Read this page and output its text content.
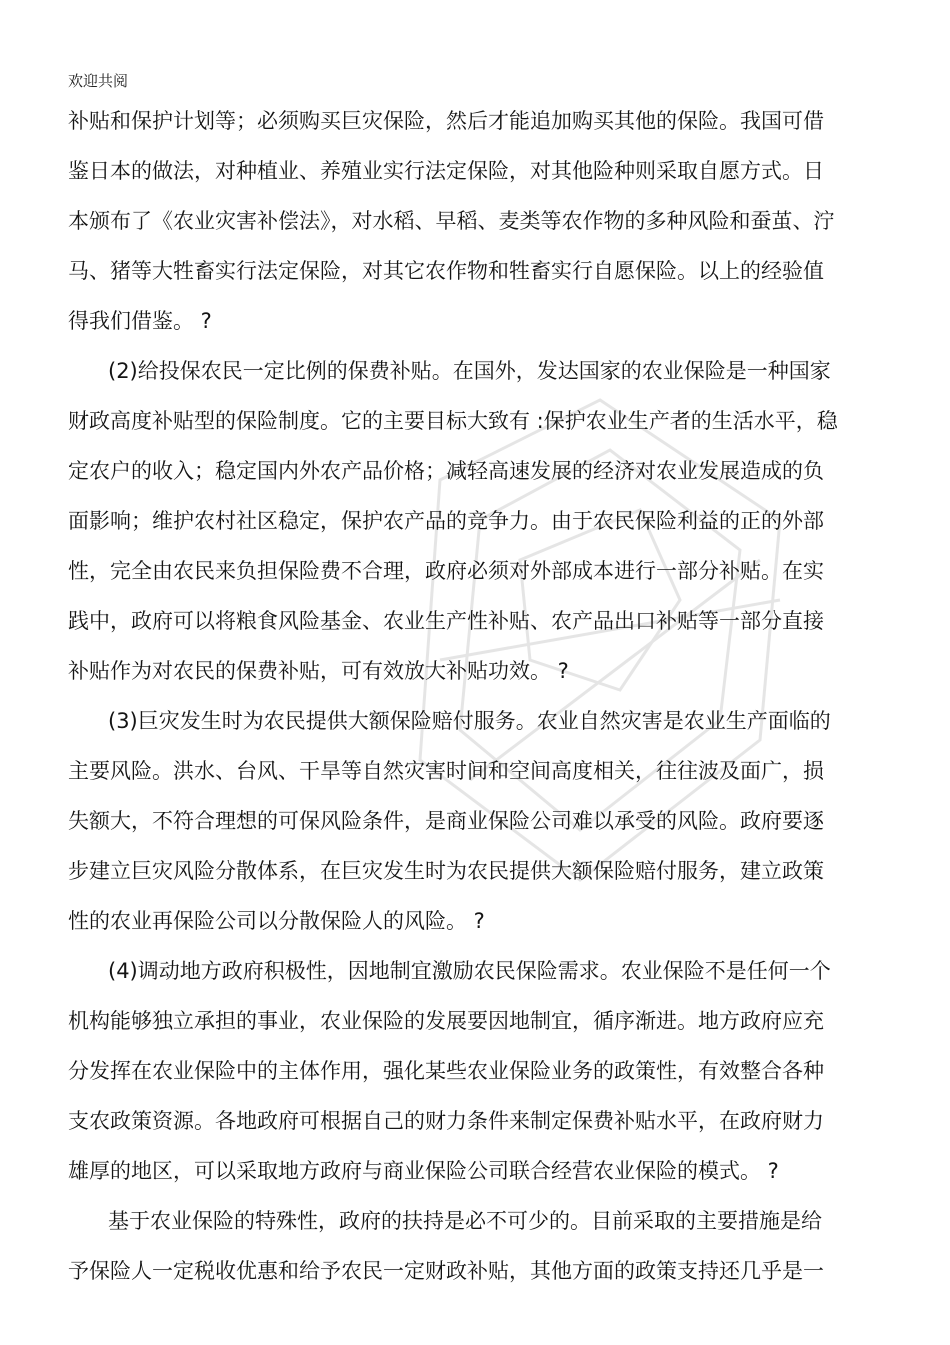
欢迎共阅
补贴和保护计划等；必须购买巨灾保险，然后才能追加购买其他的保险。我国可借
鉴日本的做法，对种植业、养殖业实行法定保险，对其他险种则采取自愿方式。日
本颁布了《农业灾害补偿法》，对水稻、早稻、麦类等农作物的多种风险和蚕茧、泞
马、猪等大牲畜实行法定保险，对其它农作物和牲畜实行自愿保险。以上的经验值
得我们借鉴。 ?
(2)给投保农民一定比例的保费补贴。在国外，发达国家的农业保险是一种国家
财政高度补贴型的保险制度。它的主要目标大致有 :保护农业生产者的生活水平，稳
定农户的收入；稳定国内外农产品价格；减轻高速发展的经济对农业发展造成的负
面影响；维护农村社区稳定，保护农产品的竞争力。由于农民保险利益的正的外部
性，完全由农民来负担保险费不合理，政府必须对外部成本进行一部分补贴。在实
践中，政府可以将粮食风险基金、农业生产性补贴、农产品出口补贴等一部分直接
补贴作为对农民的保费补贴，可有效放大补贴功效。 ?
(3)巨灾发生时为农民提供大额保险赔付服务。农业自然灾害是农业生产面临的
主要风险。洪水、台风、干旱等自然灾害时间和空间高度相关，往往波及面广，损
失额大，不符合理想的可保风险条件，是商业保险公司难以承受的风险。政府要逐
步建立巨灾风险分散体系，在巨灾发生时为农民提供大额保险赔付服务，建立政策
性的农业再保险公司以分散保险人的风险。 ?
(4)调动地方政府积极性，因地制宜激励农民保险需求。农业保险不是任何一个
机构能够独立承担的事业，农业保险的发展要因地制宜，循序渐进。地方政府应充
分发挥在农业保险中的主体作用，强化某些农业保险业务的政策性，有效整合各种
支农政策资源。各地政府可根据自己的财力条件来制定保费补贴水平，在政府财力
雄厚的地区，可以采取地方政府与商业保险公司联合经营农业保险的模式。 ?
基于农业保险的特殊性，政府的扶持是必不可少的。目前采取的主要措施是给
予保险人一定税收优惠和给予农民一定财政补贴，其他方面的政策支持还几乎是一
